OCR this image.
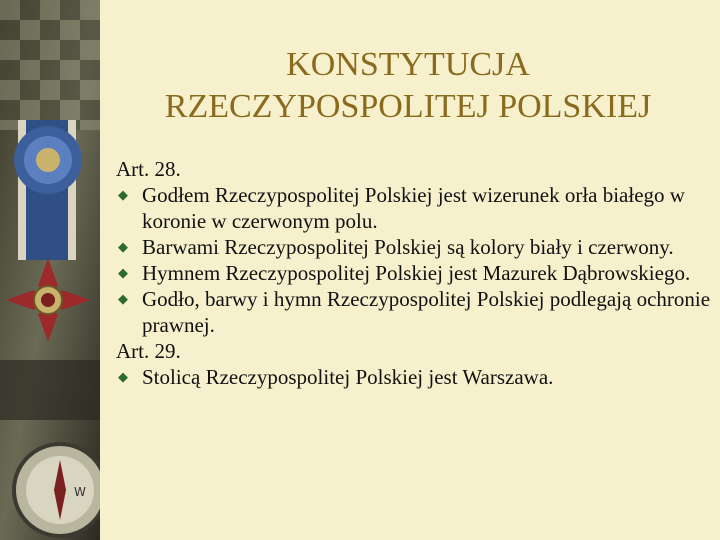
W
KONSTYTUCJA
RZECZYPOSPOLITEJ POLSKIEJ

Art. 28.

◆ Godłem Rzeczypospolitej Polskiej jest wizerunek orła białego w koronie w czerwonym polu.

◆ Barwami Rzeczypospolitej Polskiej są kolory biały i czerwony.

◆ Hymnem Rzeczypospolitej Polskiej jest Mazurek Dąbrowskiego.

◆ Godło, barwy i hymn Rzeczypospolitej Polskiej podlegają ochronie prawnej.

Art. 29.

◆ Stolicą Rzeczypospolitej Polskiej jest Warszawa.
